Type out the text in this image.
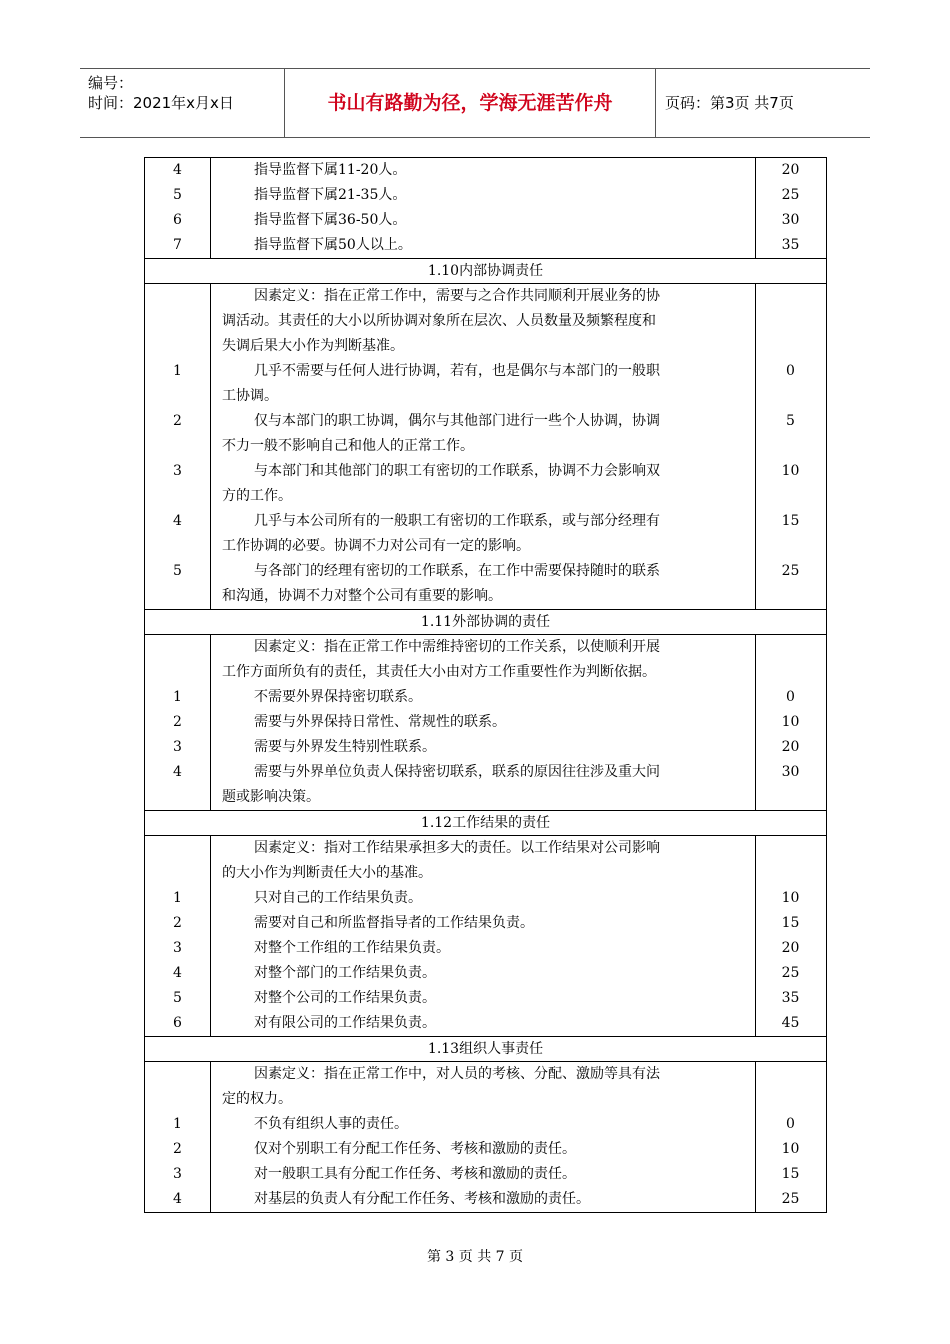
编号：
时间：2021年x月x日	书山有路勤为径，学海无涯苦作舟	页码：第3页 共7页
4
5
6
7
指导监督下属11-20人。
指导监督下属21-35人。
指导监督下属36-50人。
指导监督下属50人以上。
20
25
30
35
1.10内部协调责任
1
2
3
4
5
因素定义：指在正常工作中，需要与之合作共同顺利开展业务的协
调活动。其责任的大小以所协调对象所在层次、人员数量及频繁程度和
失调后果大小作为判断基准。
几乎不需要与任何人进行协调，若有，也是偶尔与本部门的一般职
工协调。
仅与本部门的职工协调，偶尔与其他部门进行一些个人协调，协调
不力一般不影响自己和他人的正常工作。
与本部门和其他部门的职工有密切的工作联系，协调不力会影响双
方的工作。
几乎与本公司所有的一般职工有密切的工作联系，或与部分经理有
工作协调的必要。协调不力对公司有一定的影响。
与各部门的经理有密切的工作联系，在工作中需要保持随时的联系
和沟通，协调不力对整个公司有重要的影响。
0
5
10
15
25
1.11外部协调的责任
1
2
3
4
因素定义：指在正常工作中需维持密切的工作关系，以使顺利开展
工作方面所负有的责任，其责任大小由对方工作重要性作为判断依据。
不需要外界保持密切联系。
需要与外界保持日常性、常规性的联系。
需要与外界发生特别性联系。
需要与外界单位负责人保持密切联系，联系的原因往往涉及重大问
题或影响决策。
0
10
20
30
1.12工作结果的责任
1
2
3
4
5
6
因素定义：指对工作结果承担多大的责任。以工作结果对公司影响
的大小作为判断责任大小的基准。
只对自己的工作结果负责。
需要对自己和所监督指导者的工作结果负责。
对整个工作组的工作结果负责。
对整个部门的工作结果负责。
对整个公司的工作结果负责。
对有限公司的工作结果负责。
10
15
20
25
35
45
1.13组织人事责任
1
2
3
4
因素定义：指在正常工作中，对人员的考核、分配、激励等具有法
定的权力。
不负有组织人事的责任。
仅对个别职工有分配工作任务、考核和激励的责任。
对一般职工具有分配工作任务、考核和激励的责任。
对基层的负责人有分配工作任务、考核和激励的责任。
0
10
15
25
第 3 页 共 7 页
